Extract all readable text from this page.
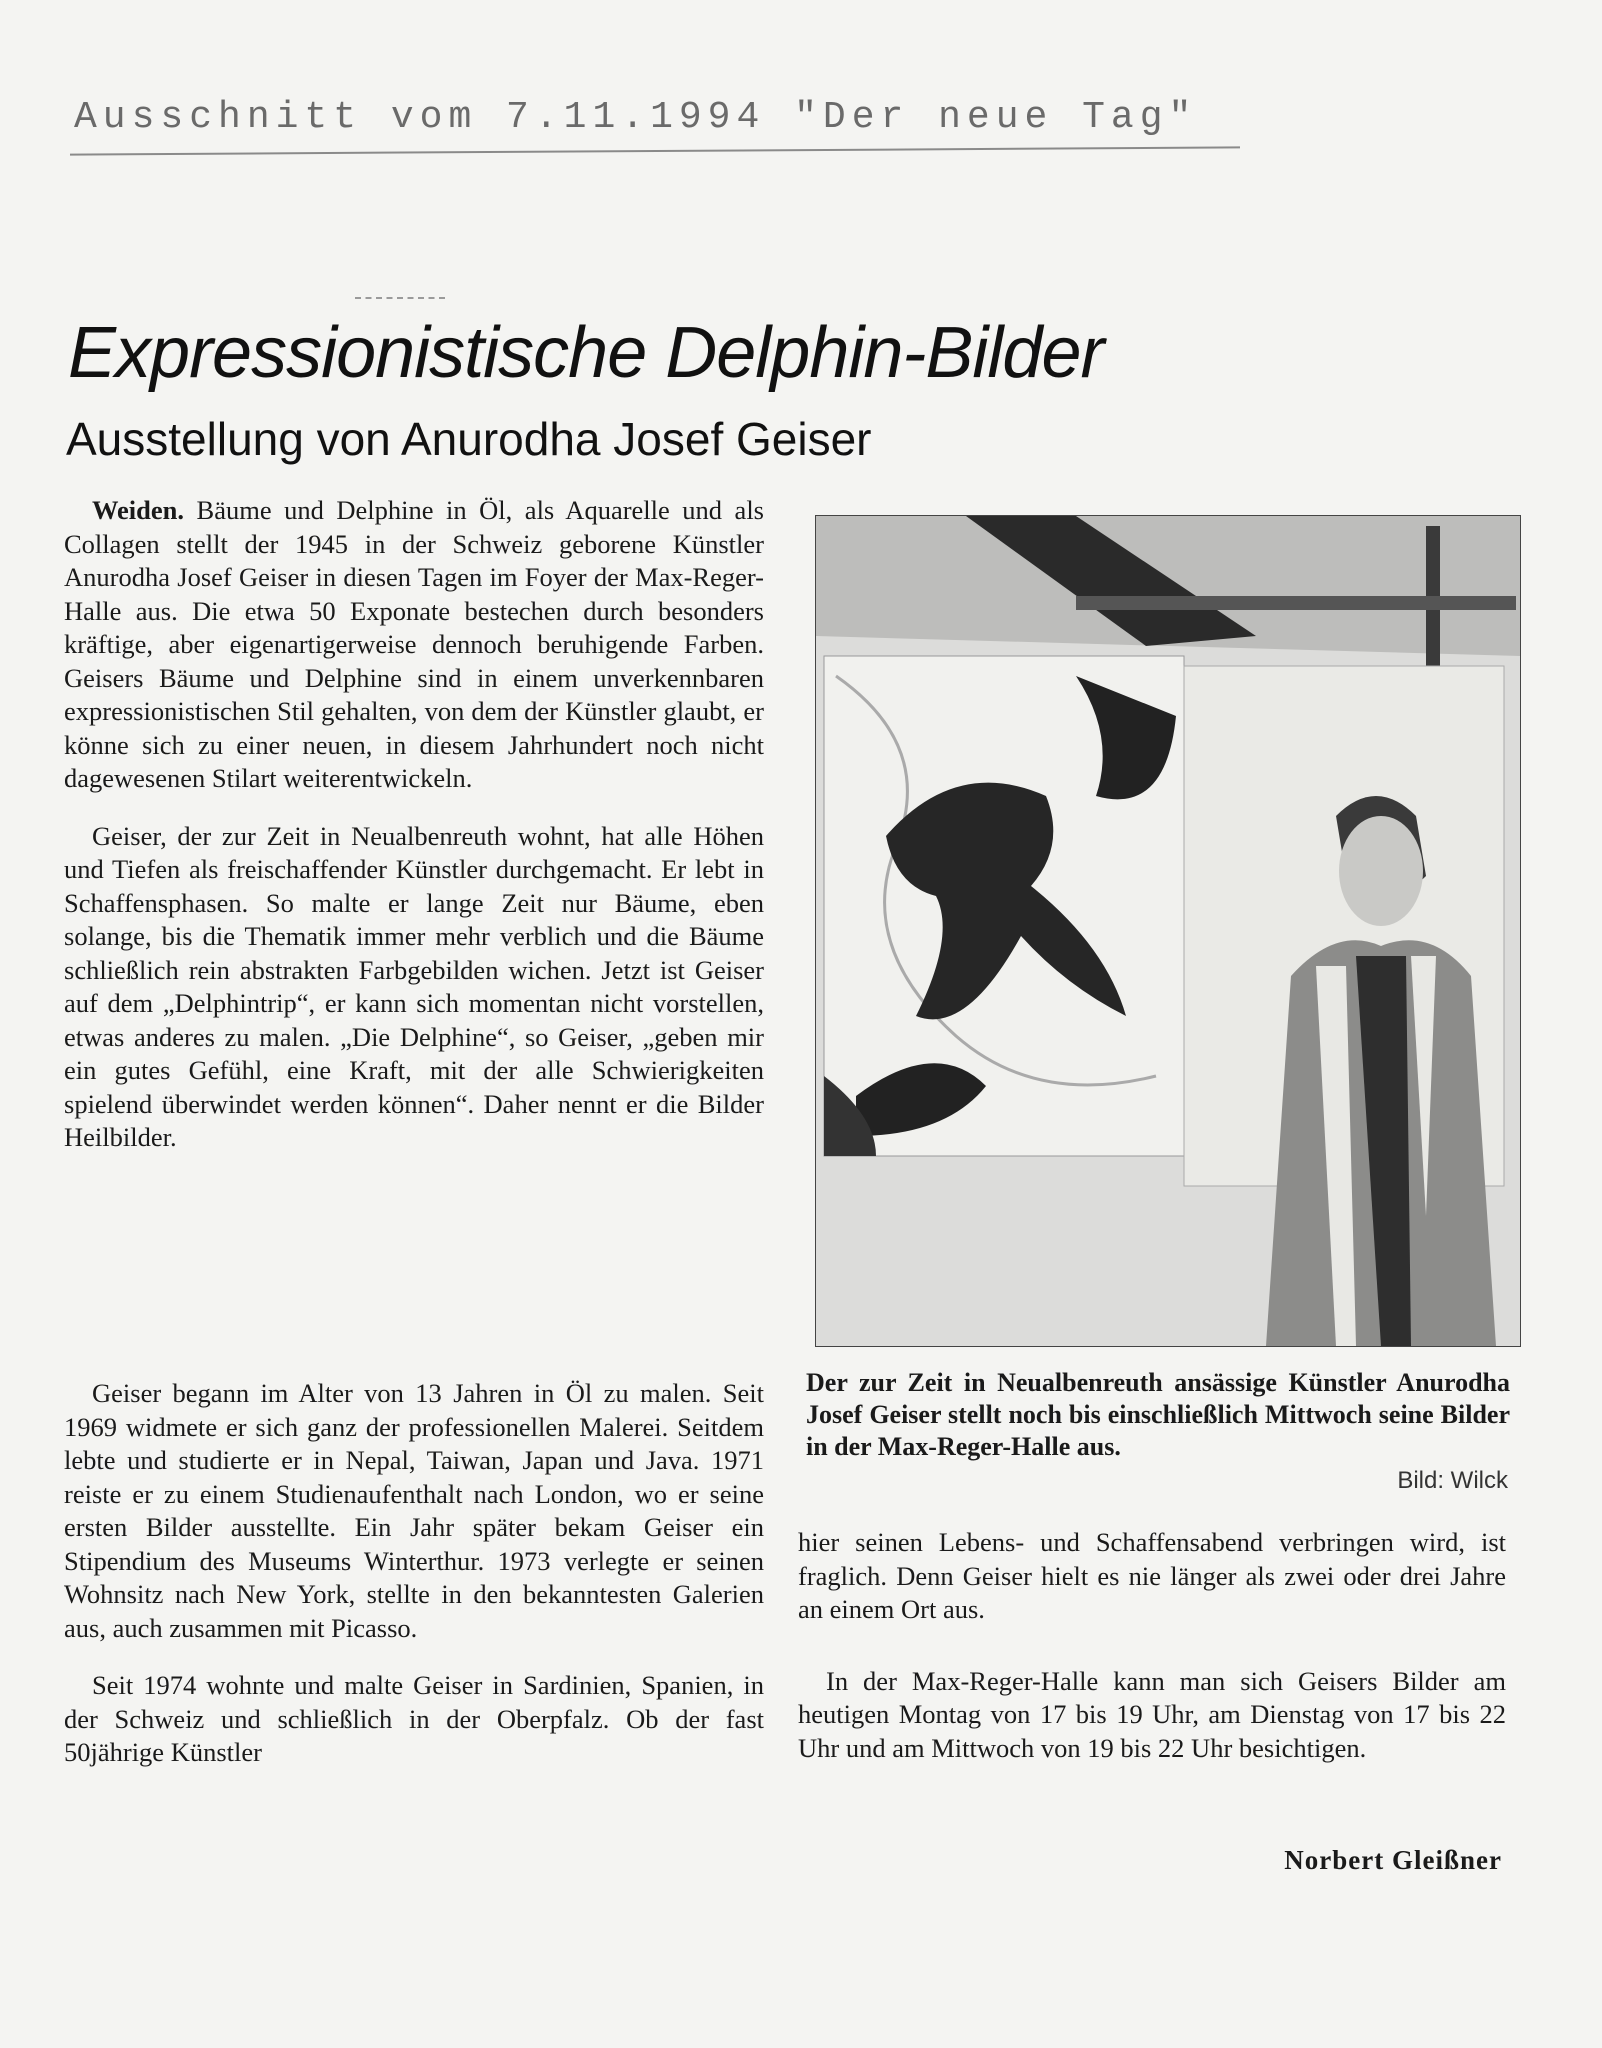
Ausschnitt vom 7.11.1994 "Der neue Tag"
Expressionistische Delphin-Bilder
Ausstellung von Anurodha Josef Geiser

Weiden. Bäume und Delphine in Öl, als Aquarelle und als Collagen stellt der 1945 in der Schweiz geborene Künstler Anurodha Josef Geiser in diesen Tagen im Foyer der Max-Reger-Halle aus. Die etwa 50 Exponate bestechen durch besonders kräftige, aber eigenartigerweise dennoch beruhigende Farben. Geisers Bäume und Delphine sind in einem unverkennbaren expressionistischen Stil gehalten, von dem der Künstler glaubt, er könne sich zu einer neuen, in diesem Jahrhundert noch nicht dagewesenen Stilart weiterentwickeln.

Geiser, der zur Zeit in Neualbenreuth wohnt, hat alle Höhen und Tiefen als freischaffender Künstler durchgemacht. Er lebt in Schaffensphasen. So malte er lange Zeit nur Bäume, eben solange, bis die Thematik immer mehr verblich und die Bäume schließlich rein abstrakten Farbgebilden wichen. Jetzt ist Geiser auf dem „Delphintrip“, er kann sich momentan nicht vorstellen, etwas anderes zu malen. „Die Delphine“, so Geiser, „geben mir ein gutes Gefühl, eine Kraft, mit der alle Schwierigkeiten spielend überwindet werden können“. Daher nennt er die Bilder Heilbilder.

Geiser begann im Alter von 13 Jahren in Öl zu malen. Seit 1969 widmete er sich ganz der professionellen Malerei. Seitdem lebte und studierte er in Nepal, Taiwan, Japan und Java. 1971 reiste er zu einem Studienaufenthalt nach London, wo er seine ersten Bilder ausstellte. Ein Jahr später bekam Geiser ein Stipendium des Museums Winterthur. 1973 verlegte er seinen Wohnsitz nach New York, stellte in den bekanntesten Galerien aus, auch zusammen mit Picasso.

Seit 1974 wohnte und malte Geiser in Sardinien, Spanien, in der Schweiz und schließlich in der Oberpfalz. Ob der fast 50jährige Künstler

Der zur Zeit in Neualbenreuth ansässige Künstler Anurodha Josef Geiser stellt noch bis einschließlich Mittwoch seine Bilder in der Max-Reger-Halle aus.
Bild: Wilck

hier seinen Lebens- und Schaffensabend verbringen wird, ist fraglich. Denn Geiser hielt es nie länger als zwei oder drei Jahre an einem Ort aus.

In der Max-Reger-Halle kann man sich Geisers Bilder am heutigen Montag von 17 bis 19 Uhr, am Dienstag von 17 bis 22 Uhr und am Mittwoch von 19 bis 22 Uhr besichtigen.

Norbert Gleißner
